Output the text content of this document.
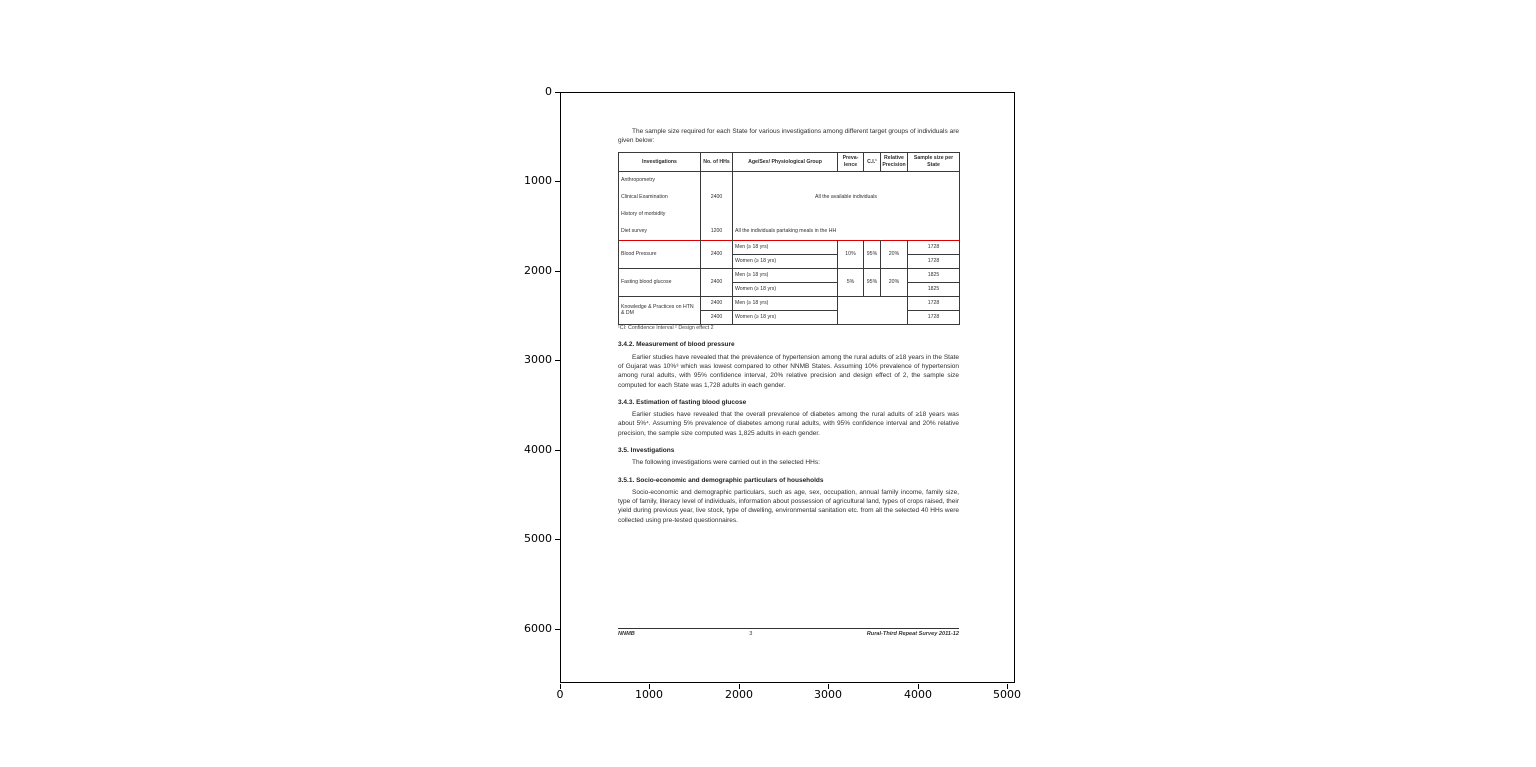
0
1000
2000
3000
4000
5000
6000
0	1000	2000	3000	4000	5000

The sample size required for each State for various investigations among different target groups of individuals are given below:

Investigations	No. of HHs	Age/Sex/ Physiological Group	Preva- lence	C.I.¹	Relative Precision	Sample size per State
Anthropometry		All the available individuals				
Clinical Examination	2400					
History of morbidity						
Diet survey	1200	All the individuals partaking meals in the HH				
Blood Pressure	2400	Men (≥ 18 yrs)	10%	95%	20%	1728
		Women (≥ 18 yrs)				1728
Fasting blood glucose	2400	Men (≥ 18 yrs)	5%	95%	20%	1825
		Women (≥ 18 yrs)				1825
Knowledge & Practices on HTN & DM	2400	Men (≥ 18 yrs)				1728
	2400	Women (≥ 18 yrs)				1728

¹CI: Confidence Interval ² Design effect 2

3.4.2. Measurement of blood pressure

Earlier studies have revealed that the prevalence of hypertension among the rural adults of ≥18 years in the State of Gujarat was 10%³ which was lowest compared to other NNMB States. Assuming 10% prevalence of hypertension among rural adults, with 95% confidence interval, 20% relative precision and design effect of 2, the sample size computed for each State was 1,728 adults in each gender.

3.4.3. Estimation of fasting blood glucose

Earlier studies have revealed that the overall prevalence of diabetes among the rural adults of ≥18 years was about 5%⁴. Assuming 5% prevalence of diabetes among rural adults, with 95% confidence interval and 20% relative precision, the sample size computed was 1,825 adults in each gender.

3.5. Investigations

The following investigations were carried out in the selected HHs:

3.5.1. Socio-economic and demographic particulars of households

Socio-economic and demographic particulars, such as age, sex, occupation, annual family income, family size, type of family, literacy level of individuals, information about possession of agricultural land, types of crops raised, their yield during previous year, live stock, type of dwelling, environmental sanitation etc. from all the selected 40 HHs were collected using pre-tested questionnaires.

NNMB	3	Rural-Third Repeat Survey 2011-12
